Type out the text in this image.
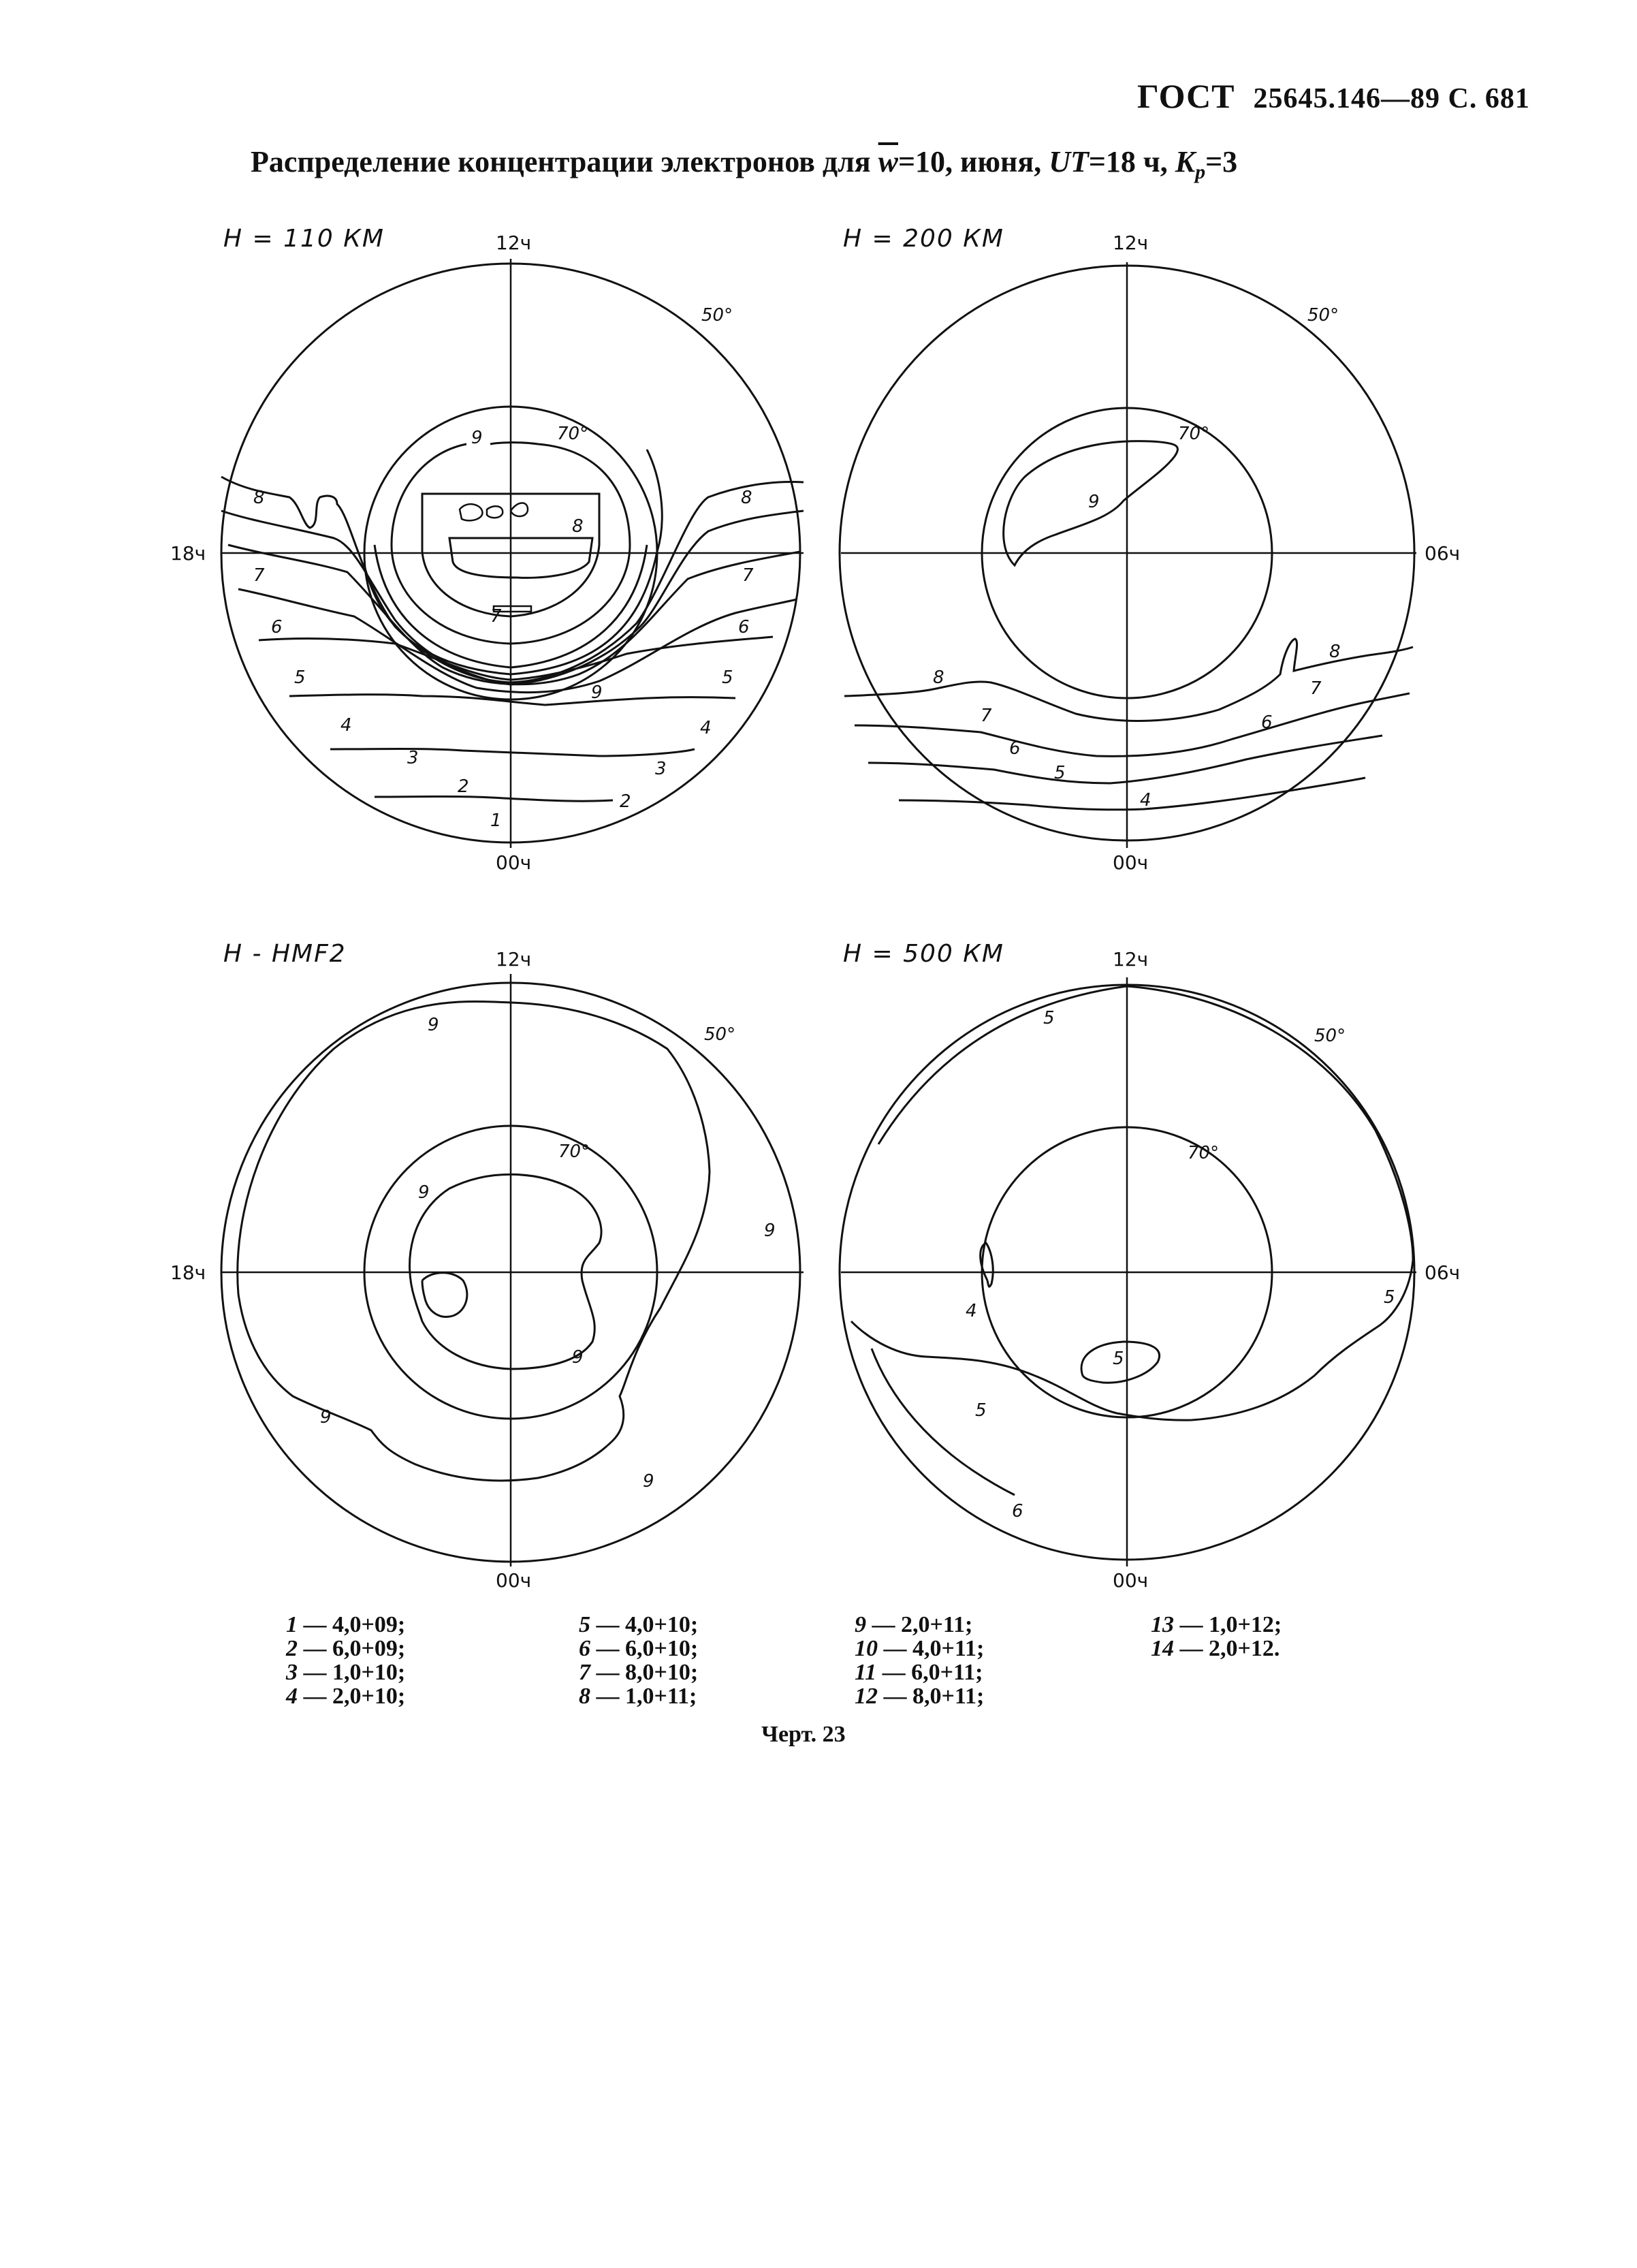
ГОСТ 25645.146—89 С. 681
Распределение концентрации электронов для $\overline{w}=10$, июня, UT=18 ч, $K_p=3$
H = 110 КМ	12ч
00ч
18ч
50°
70°
8	8
7	7
6	6
5	5
4	4
3
3
2
2
1
9
9
8
7
H = 200 КМ	12ч
00ч
06ч
50°
70°
9
8
8
7
7
6
6
5
4
H - HMF2	12ч
00ч
18ч
50°
70°
9
9
9
9
9
9
H = 500 КМ	12ч
00ч
06ч
50°
70°
5
5
4
5
5
6
1 — 4,0+09;
2 — 6,0+09;
3 — 1,0+10;
4 — 2,0+10;
5 — 4,0+10;
6 — 6,0+10;
7 — 8,0+10;
8 — 1,0+11;
9 — 2,0+11;
10 — 4,0+11;
11 — 6,0+11;
12 — 8,0+11;
13 — 1,0+12;
14 — 2,0+12.
Черт. 23
